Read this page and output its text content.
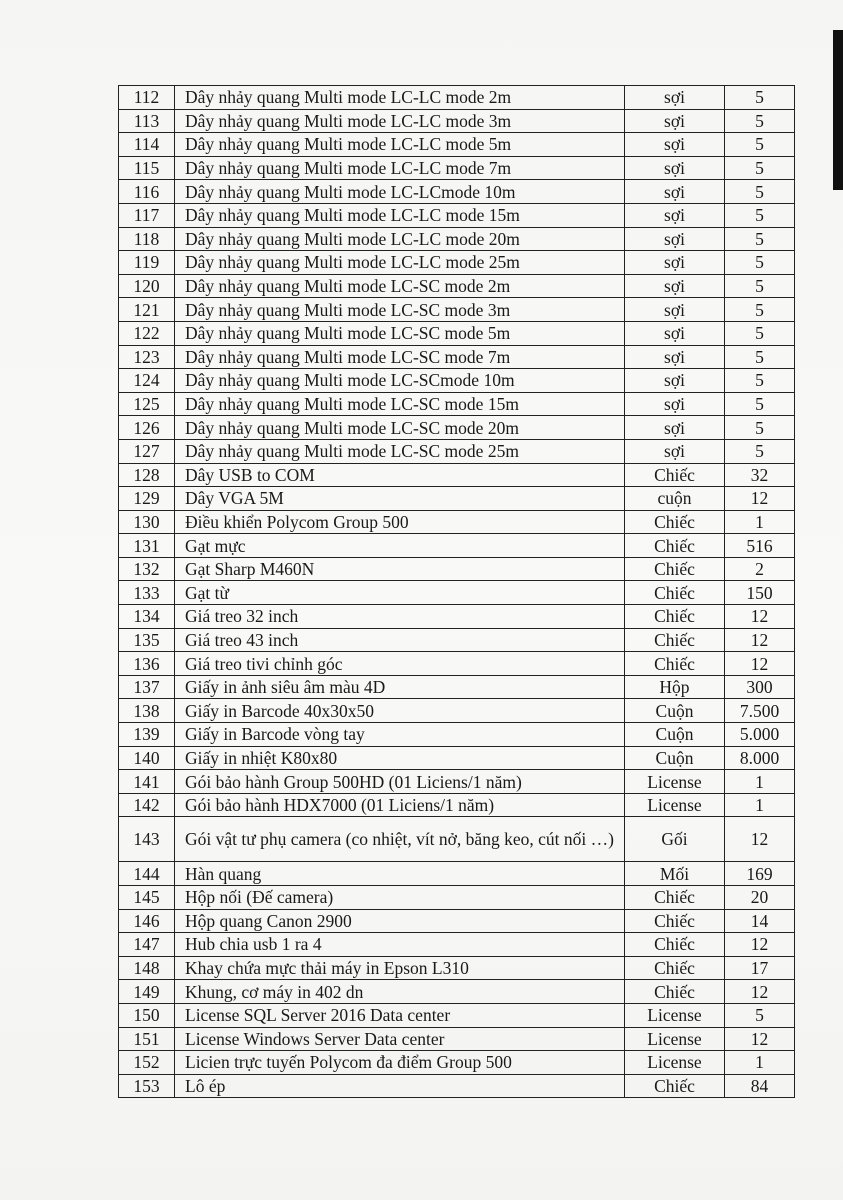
112	Dây nhảy quang Multi mode LC-LC mode 2m	sợi	5
113	Dây nhảy quang Multi mode LC-LC mode 3m	sợi	5
114	Dây nhảy quang Multi mode LC-LC mode 5m	sợi	5
115	Dây nhảy quang Multi mode LC-LC mode 7m	sợi	5
116	Dây nhảy quang Multi mode LC-LCmode 10m	sợi	5
117	Dây nhảy quang Multi mode LC-LC mode 15m	sợi	5
118	Dây nhảy quang Multi mode LC-LC mode 20m	sợi	5
119	Dây nhảy quang Multi mode LC-LC mode 25m	sợi	5
120	Dây nhảy quang Multi mode LC-SC mode 2m	sợi	5
121	Dây nhảy quang Multi mode LC-SC mode 3m	sợi	5
122	Dây nhảy quang Multi mode LC-SC mode 5m	sợi	5
123	Dây nhảy quang Multi mode LC-SC mode 7m	sợi	5
124	Dây nhảy quang Multi mode LC-SCmode 10m	sợi	5
125	Dây nhảy quang Multi mode LC-SC mode 15m	sợi	5
126	Dây nhảy quang Multi mode LC-SC mode 20m	sợi	5
127	Dây nhảy quang Multi mode LC-SC mode 25m	sợi	5
128	Dây USB to COM	Chiếc	32
129	Dây VGA 5M	cuộn	12
130	Điều khiển Polycom Group 500	Chiếc	1
131	Gạt mực	Chiếc	516
132	Gạt Sharp M460N	Chiếc	2
133	Gạt từ	Chiếc	150
134	Giá treo 32 inch	Chiếc	12
135	Giá treo 43 inch	Chiếc	12
136	Giá treo tivi chỉnh góc	Chiếc	12
137	Giấy in ảnh siêu âm màu 4D	Hộp	300
138	Giấy in Barcode 40x30x50	Cuộn	7.500
139	Giấy in Barcode vòng tay	Cuộn	5.000
140	Giấy in nhiệt K80x80	Cuộn	8.000
141	Gói bảo hành Group 500HD (01 Liciens/1 năm)	License	1
142	Gói bảo hành HDX7000 (01 Liciens/1 năm)	License	1
143	Gói vật tư phụ camera (co nhiệt, vít nở, băng keo, cút nối …)	Gối	12
144	Hàn quang	Mối	169
145	Hộp nối (Đế camera)	Chiếc	20
146	Hộp quang Canon 2900	Chiếc	14
147	Hub chia usb 1 ra 4	Chiếc	12
148	Khay chứa mực thải máy in Epson L310	Chiếc	17
149	Khung, cơ máy in 402 dn	Chiếc	12
150	License SQL Server 2016 Data center	License	5
151	License Windows Server Data center	License	12
152	Licien trực tuyến Polycom đa điểm Group 500	License	1
153	Lô ép	Chiếc	84
